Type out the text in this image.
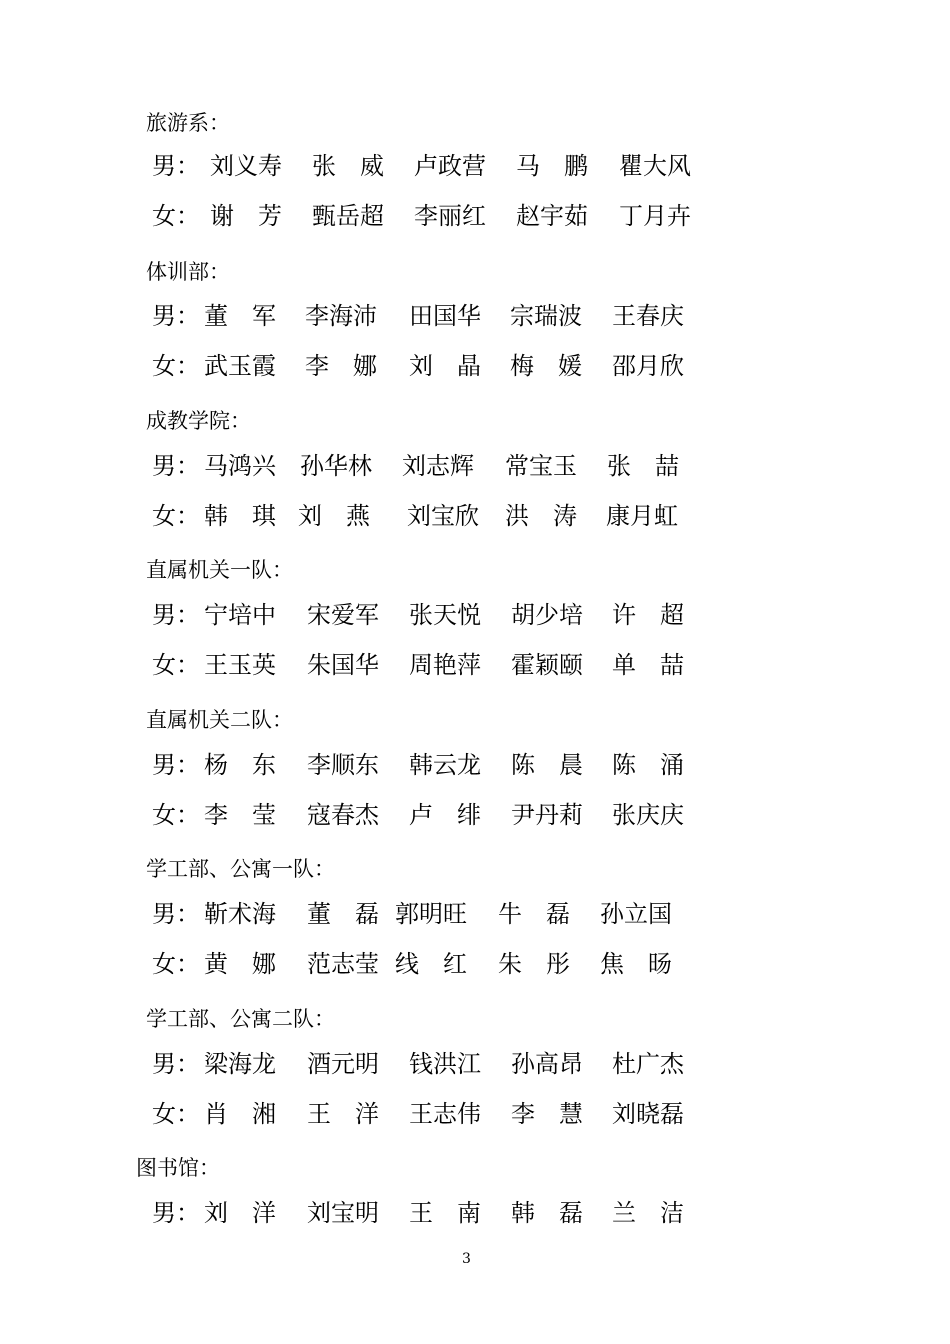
旅游系：
男： 刘义寿 张　威 卢政营 马　鹏 瞿大风
女： 谢　芳 甄岳超 李丽红 赵宇茹 丁月卉
体训部：
男： 董　军 李海沛 田国华 宗瑞波 王春庆
女： 武玉霞 李　娜 刘　晶 梅　媛 邵月欣
成教学院：
男： 马鸿兴 孙华林 刘志辉 常宝玉 张　喆
女： 韩　琪 刘　燕 刘宝欣 洪　涛 康月虹
直属机关一队：
男： 宁培中 宋爱军 张天悦 胡少培 许　超
女： 王玉英 朱国华 周艳萍 霍颖颐 单　喆
直属机关二队：
男： 杨　东 李顺东 韩云龙 陈　晨 陈　涌
女： 李　莹 寇春杰 卢　绯 尹丹莉 张庆庆
学工部、公寓一队：
男： 靳术海 董　磊 郭明旺 牛　磊 孙立国
女： 黄　娜 范志莹 线　红 朱　彤 焦　旸
学工部、公寓二队：
男： 梁海龙 酒元明 钱洪江 孙高昂 杜广杰
女： 肖　湘 王　洋 王志伟 李　慧 刘晓磊
图书馆：
男： 刘　洋 刘宝明 王　南 韩　磊 兰　洁
3
